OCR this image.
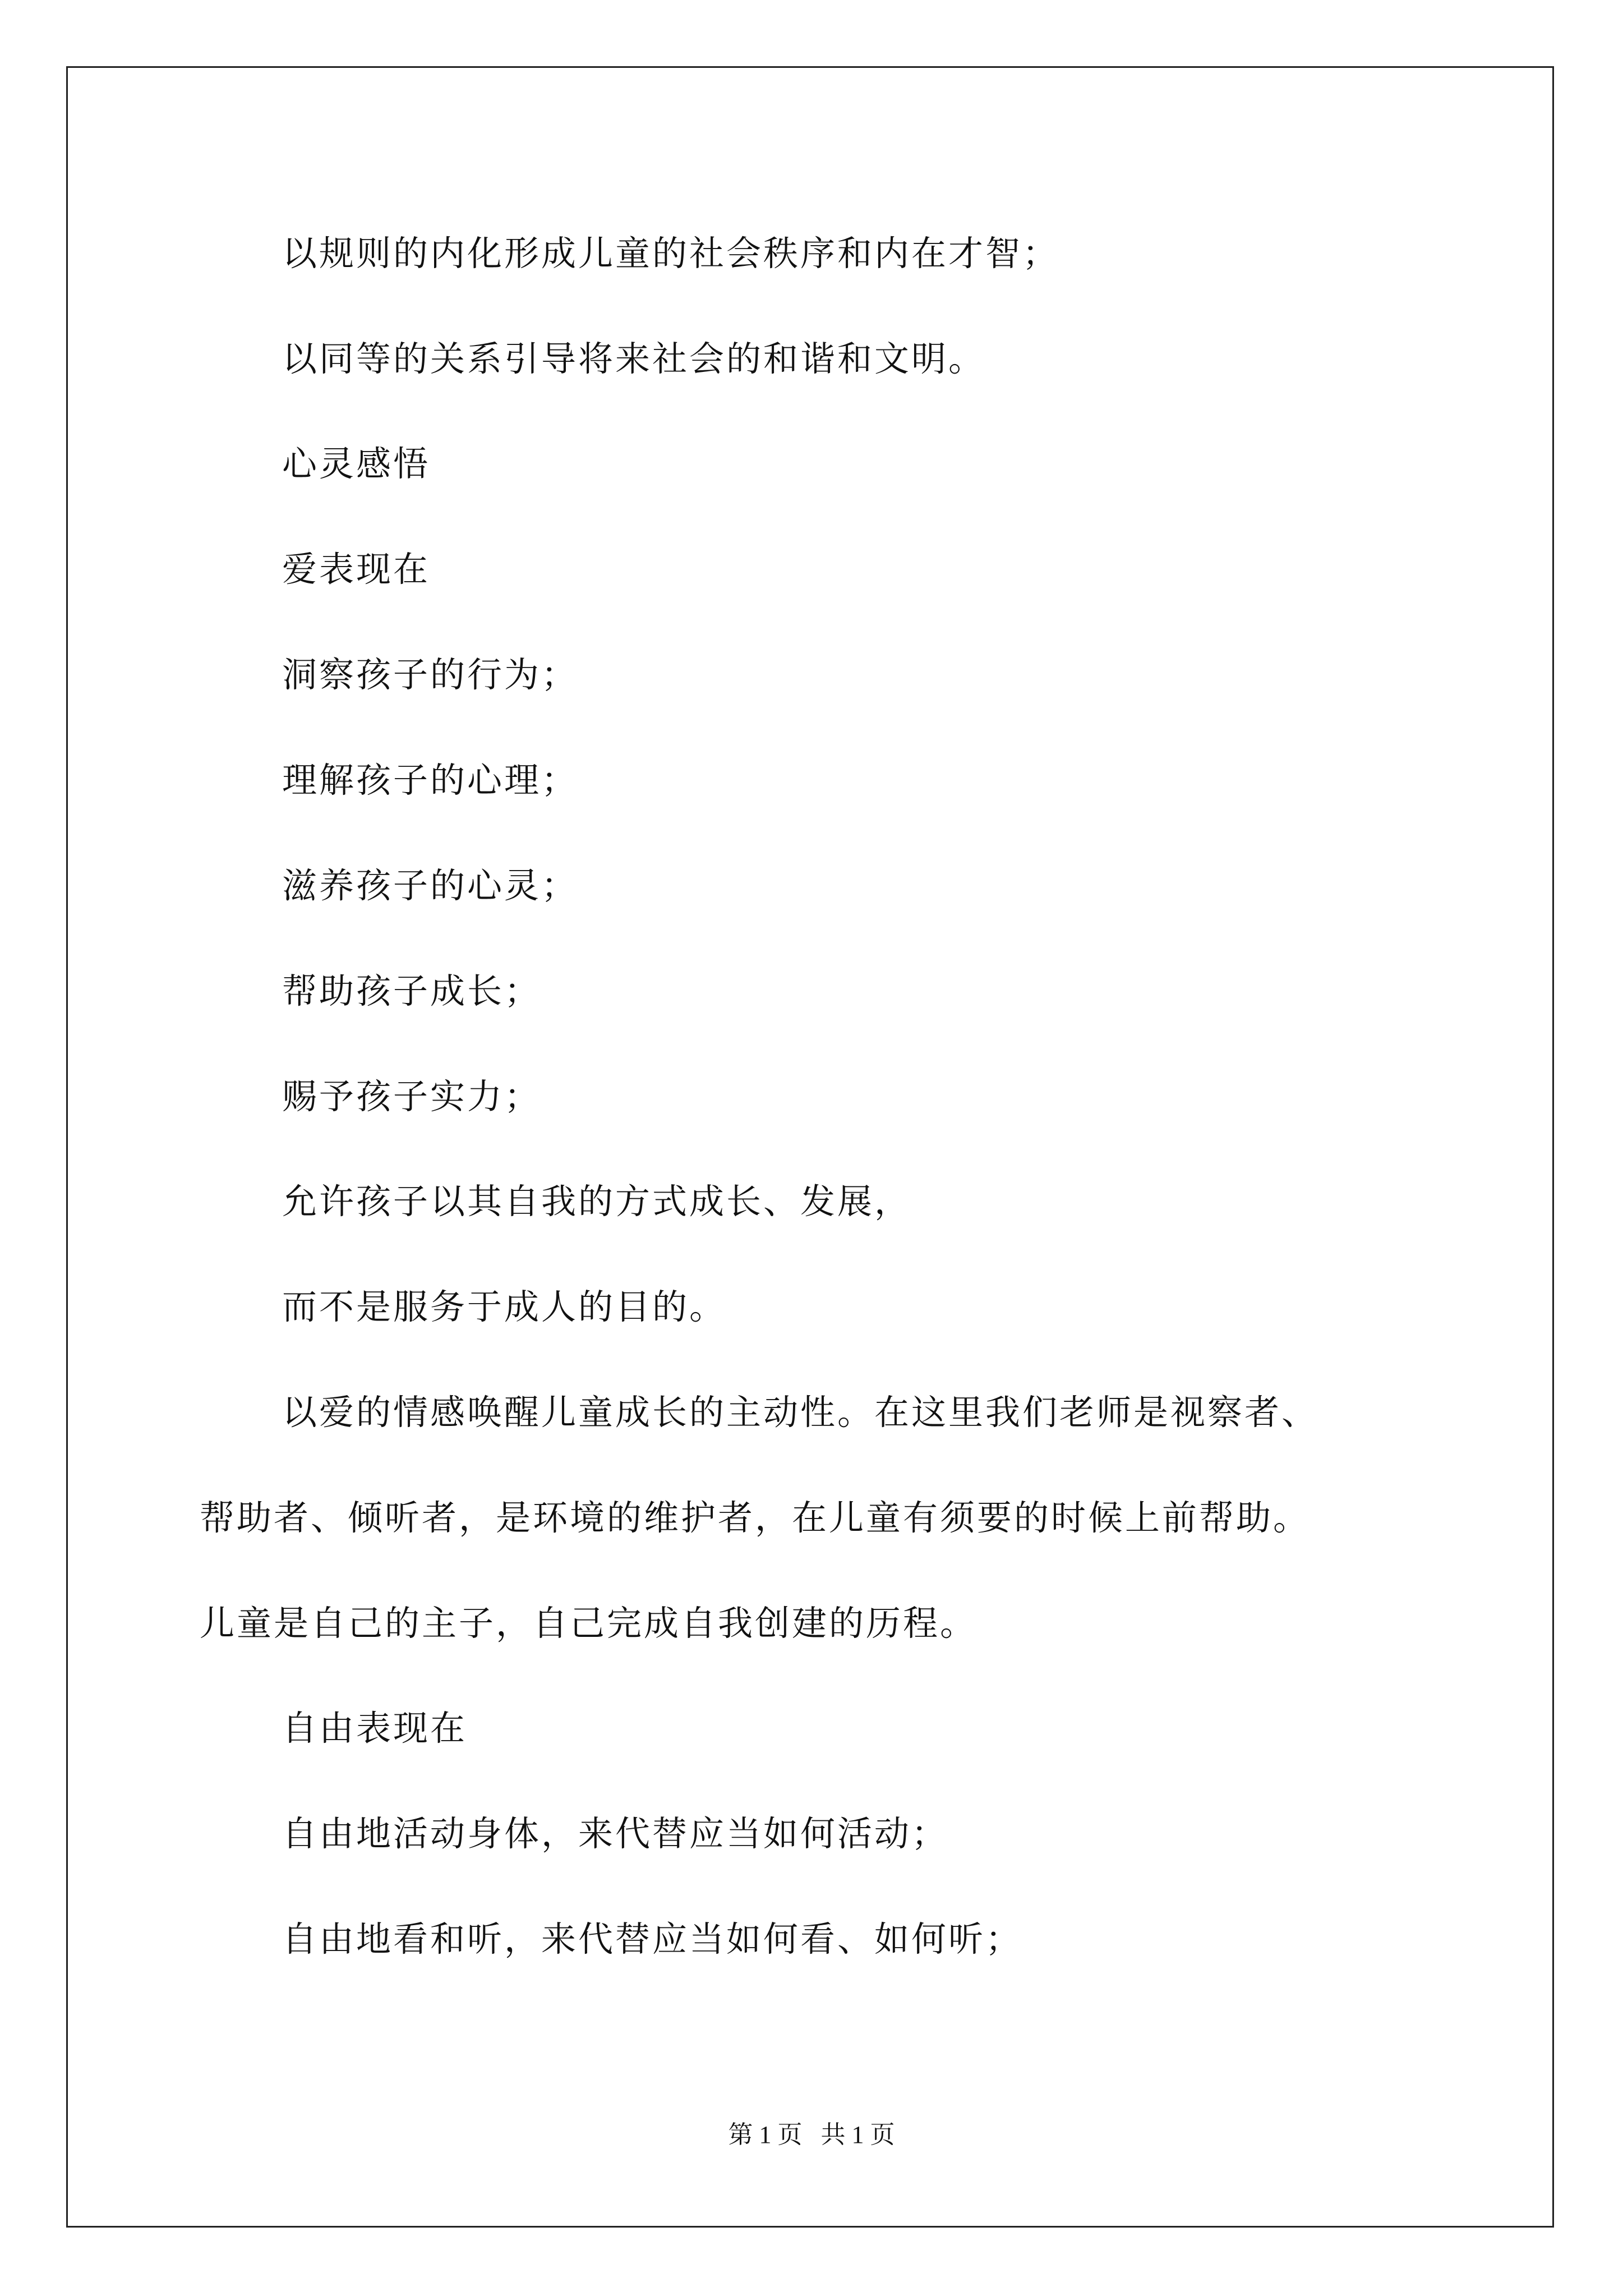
以规则的内化形成儿童的社会秩序和内在才智；
以同等的关系引导将来社会的和谐和文明。
心灵感悟
爱表现在
洞察孩子的行为；
理解孩子的心理；
滋养孩子的心灵；
帮助孩子成长；
赐予孩子实力；
允许孩子以其自我的方式成长、发展，
而不是服务于成人的目的。
以爱的情感唤醒儿童成长的主动性。在这里我们老师是视察者、
帮助者、倾听者，是环境的维护者，在儿童有须要的时候上前帮助。
儿童是自己的主子，自己完成自我创建的历程。
自由表现在
自由地活动身体，来代替应当如何活动；
自由地看和听，来代替应当如何看、如何听；
第 1 页   共 1 页
